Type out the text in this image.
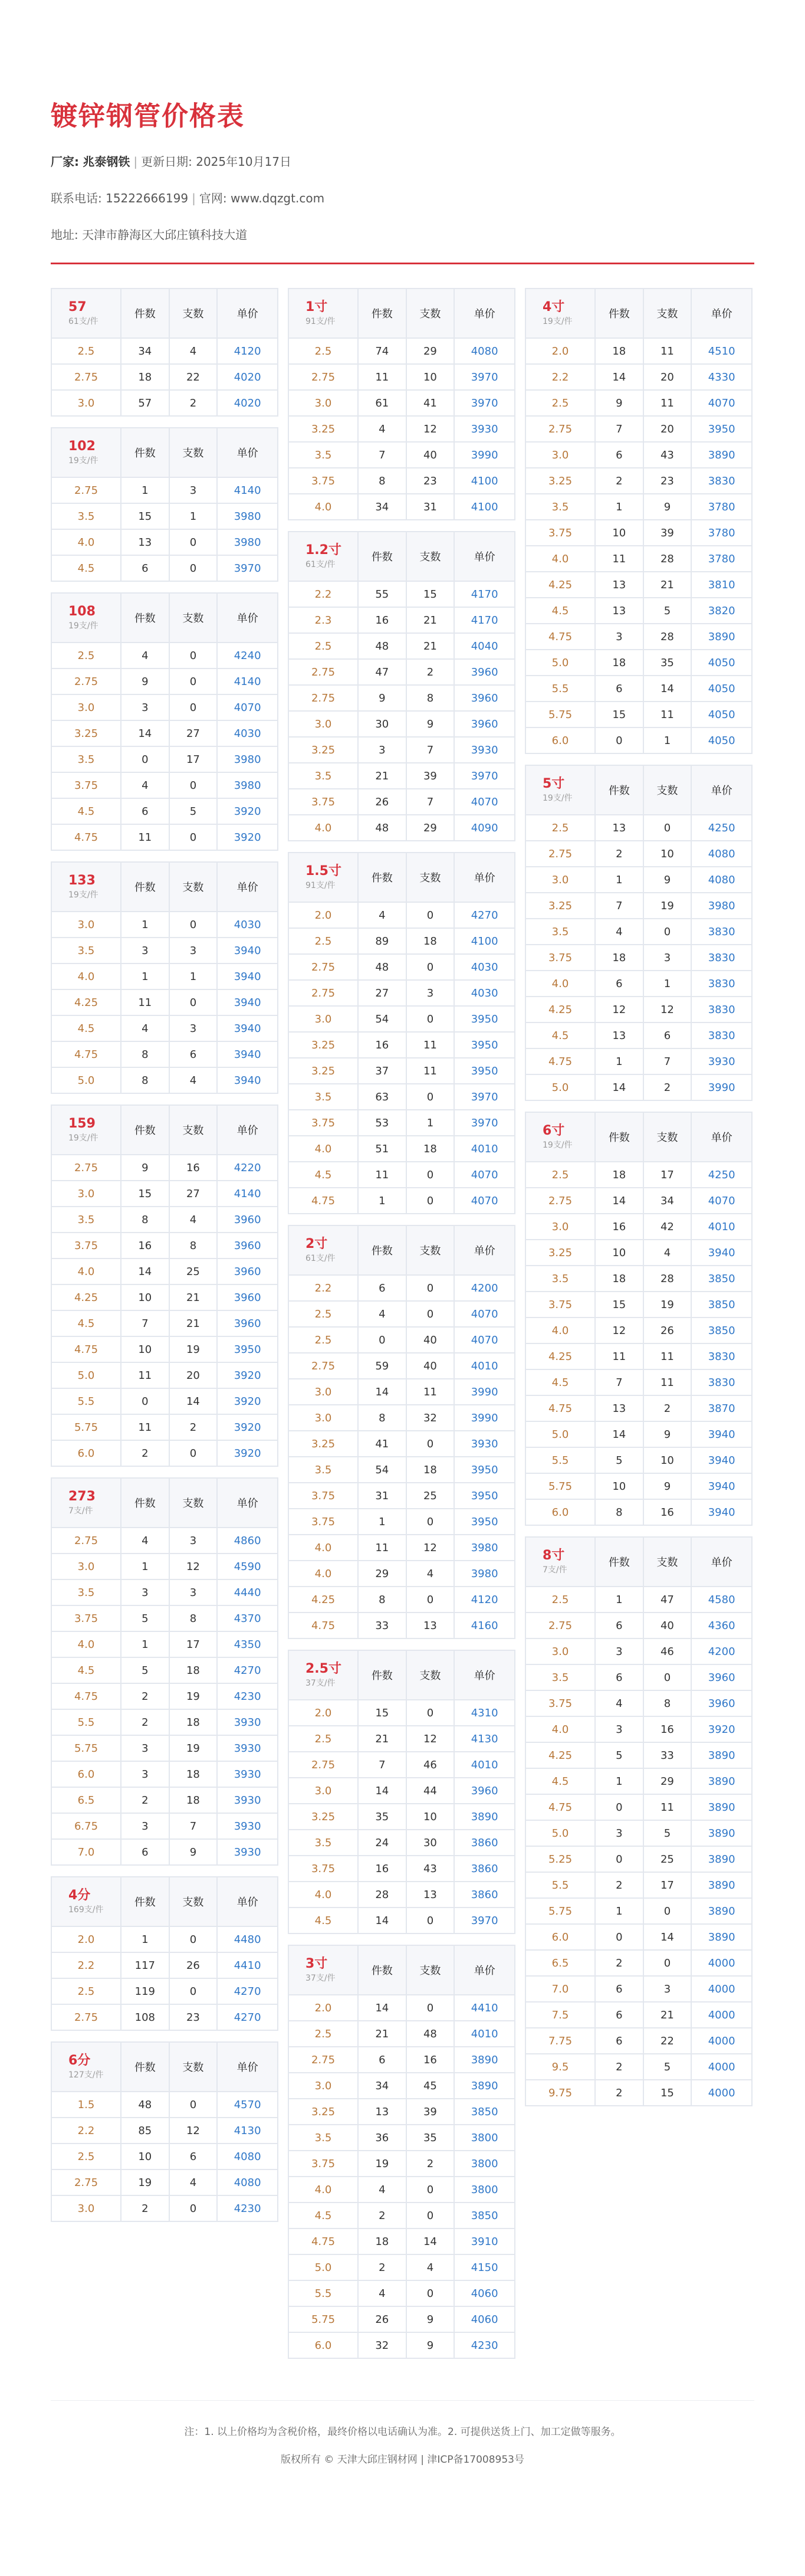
镀锌钢管价格表
厂家: 兆泰钢铁 | 更新日期: 2025年10月17日
联系电话: 15222666199 | 官网: www.dqzgt.com
地址: 天津市静海区大邱庄镇科技大道
57
61支/件	件数	支数	单价
2.5	34	4	4120
2.75	18	22	4020
3.0	57	2	4020
102
19支/件	件数	支数	单价
2.75	1	3	4140
3.5	15	1	3980
4.0	13	0	3980
4.5	6	0	3970
108
19支/件	件数	支数	单价
2.5	4	0	4240
2.75	9	0	4140
3.0	3	0	4070
3.25	14	27	4030
3.5	0	17	3980
3.75	4	0	3980
4.5	6	5	3920
4.75	11	0	3920
133
19支/件	件数	支数	单价
3.0	1	0	4030
3.5	3	3	3940
4.0	1	1	3940
4.25	11	0	3940
4.5	4	3	3940
4.75	8	6	3940
5.0	8	4	3940
159
19支/件	件数	支数	单价
2.75	9	16	4220
3.0	15	27	4140
3.5	8	4	3960
3.75	16	8	3960
4.0	14	25	3960
4.25	10	21	3960
4.5	7	21	3960
4.75	10	19	3950
5.0	11	20	3920
5.5	0	14	3920
5.75	11	2	3920
6.0	2	0	3920
273
7支/件	件数	支数	单价
2.75	4	3	4860
3.0	1	12	4590
3.5	3	3	4440
3.75	5	8	4370
4.0	1	17	4350
4.5	5	18	4270
4.75	2	19	4230
5.5	2	18	3930
5.75	3	19	3930
6.0	3	18	3930
6.5	2	18	3930
6.75	3	7	3930
7.0	6	9	3930
4分
169支/件	件数	支数	单价
2.0	1	0	4480
2.2	117	26	4410
2.5	119	0	4270
2.75	108	23	4270
6分
127支/件	件数	支数	单价
1.5	48	0	4570
2.2	85	12	4130
2.5	10	6	4080
2.75	19	4	4080
3.0	2	0	4230
1寸
91支/件	件数	支数	单价
2.5	74	29	4080
2.75	11	10	3970
3.0	61	41	3970
3.25	4	12	3930
3.5	7	40	3990
3.75	8	23	4100
4.0	34	31	4100
1.2寸
61支/件	件数	支数	单价
2.2	55	15	4170
2.3	16	21	4170
2.5	48	21	4040
2.75	47	2	3960
2.75	9	8	3960
3.0	30	9	3960
3.25	3	7	3930
3.5	21	39	3970
3.75	26	7	4070
4.0	48	29	4090
1.5寸
91支/件	件数	支数	单价
2.0	4	0	4270
2.5	89	18	4100
2.75	48	0	4030
2.75	27	3	4030
3.0	54	0	3950
3.25	16	11	3950
3.25	37	11	3950
3.5	63	0	3970
3.75	53	1	3970
4.0	51	18	4010
4.5	11	0	4070
4.75	1	0	4070
2寸
61支/件	件数	支数	单价
2.2	6	0	4200
2.5	4	0	4070
2.5	0	40	4070
2.75	59	40	4010
3.0	14	11	3990
3.0	8	32	3990
3.25	41	0	3930
3.5	54	18	3950
3.75	31	25	3950
3.75	1	0	3950
4.0	11	12	3980
4.0	29	4	3980
4.25	8	0	4120
4.75	33	13	4160
2.5寸
37支/件	件数	支数	单价
2.0	15	0	4310
2.5	21	12	4130
2.75	7	46	4010
3.0	14	44	3960
3.25	35	10	3890
3.5	24	30	3860
3.75	16	43	3860
4.0	28	13	3860
4.5	14	0	3970
3寸
37支/件	件数	支数	单价
2.0	14	0	4410
2.5	21	48	4010
2.75	6	16	3890
3.0	34	45	3890
3.25	13	39	3850
3.5	36	35	3800
3.75	19	2	3800
4.0	4	0	3800
4.5	2	0	3850
4.75	18	14	3910
5.0	2	4	4150
5.5	4	0	4060
5.75	26	9	4060
6.0	32	9	4230
4寸
19支/件	件数	支数	单价
2.0	18	11	4510
2.2	14	20	4330
2.5	9	11	4070
2.75	7	20	3950
3.0	6	43	3890
3.25	2	23	3830
3.5	1	9	3780
3.75	10	39	3780
4.0	11	28	3780
4.25	13	21	3810
4.5	13	5	3820
4.75	3	28	3890
5.0	18	35	4050
5.5	6	14	4050
5.75	15	11	4050
6.0	0	1	4050
5寸
19支/件	件数	支数	单价
2.5	13	0	4250
2.75	2	10	4080
3.0	1	9	4080
3.25	7	19	3980
3.5	4	0	3830
3.75	18	3	3830
4.0	6	1	3830
4.25	12	12	3830
4.5	13	6	3830
4.75	1	7	3930
5.0	14	2	3990
6寸
19支/件	件数	支数	单价
2.5	18	17	4250
2.75	14	34	4070
3.0	16	42	4010
3.25	10	4	3940
3.5	18	28	3850
3.75	15	19	3850
4.0	12	26	3850
4.25	11	11	3830
4.5	7	11	3830
4.75	13	2	3870
5.0	14	9	3940
5.5	5	10	3940
5.75	10	9	3940
6.0	8	16	3940
8寸
7支/件	件数	支数	单价
2.5	1	47	4580
2.75	6	40	4360
3.0	3	46	4200
3.5	6	0	3960
3.75	4	8	3960
4.0	3	16	3920
4.25	5	33	3890
4.5	1	29	3890
4.75	0	11	3890
5.0	3	5	3890
5.25	0	25	3890
5.5	2	17	3890
5.75	1	0	3890
6.0	0	14	3890
6.5	2	0	4000
7.0	6	3	4000
7.5	6	21	4000
7.75	6	22	4000
9.5	2	5	4000
9.75	2	15	4000

注：1. 以上价格均为含税价格，最终价格以电话确认为准。2. 可提供送货上门、加工定做等服务。

版权所有 © 天津大邱庄钢材网 | 津ICP备17008953号
